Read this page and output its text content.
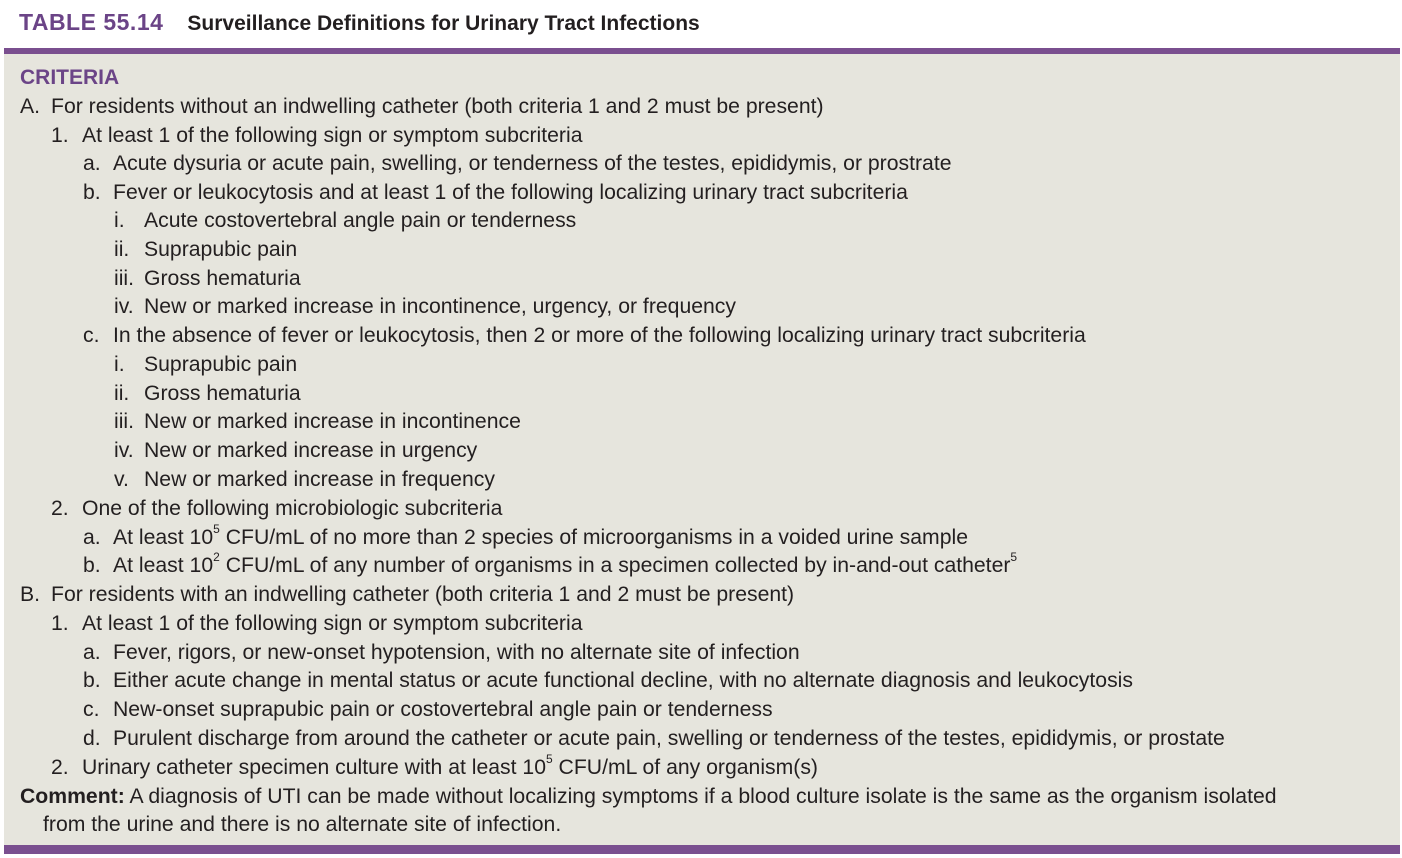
TABLE 55.14 Surveillance Definitions for Urinary Tract Infections
CRITERIA
A. For residents without an indwelling catheter (both criteria 1 and 2 must be present)
1. At least 1 of the following sign or symptom subcriteria
a. Acute dysuria or acute pain, swelling, or tenderness of the testes, epididymis, or prostrate
b. Fever or leukocytosis and at least 1 of the following localizing urinary tract subcriteria
i. Acute costovertebral angle pain or tenderness
ii. Suprapubic pain
iii. Gross hematuria
iv. New or marked increase in incontinence, urgency, or frequency
c. In the absence of fever or leukocytosis, then 2 or more of the following localizing urinary tract subcriteria
i. Suprapubic pain
ii. Gross hematuria
iii. New or marked increase in incontinence
iv. New or marked increase in urgency
v. New or marked increase in frequency
2. One of the following microbiologic subcriteria
a. At least $10^5$ CFU/mL of no more than 2 species of microorganisms in a voided urine sample
b. At least $10^2$ CFU/mL of any number of organisms in a specimen collected by in-and-out catheter$^5$
B. For residents with an indwelling catheter (both criteria 1 and 2 must be present)
1. At least 1 of the following sign or symptom subcriteria
a. Fever, rigors, or new-onset hypotension, with no alternate site of infection
b. Either acute change in mental status or acute functional decline, with no alternate diagnosis and leukocytosis
c. New-onset suprapubic pain or costovertebral angle pain or tenderness
d. Purulent discharge from around the catheter or acute pain, swelling or tenderness of the testes, epididymis, or prostate
2. Urinary catheter specimen culture with at least $10^5$ CFU/mL of any organism(s)
Comment: A diagnosis of UTI can be made without localizing symptoms if a blood culture isolate is the same as the organism isolated
from the urine and there is no alternate site of infection.
